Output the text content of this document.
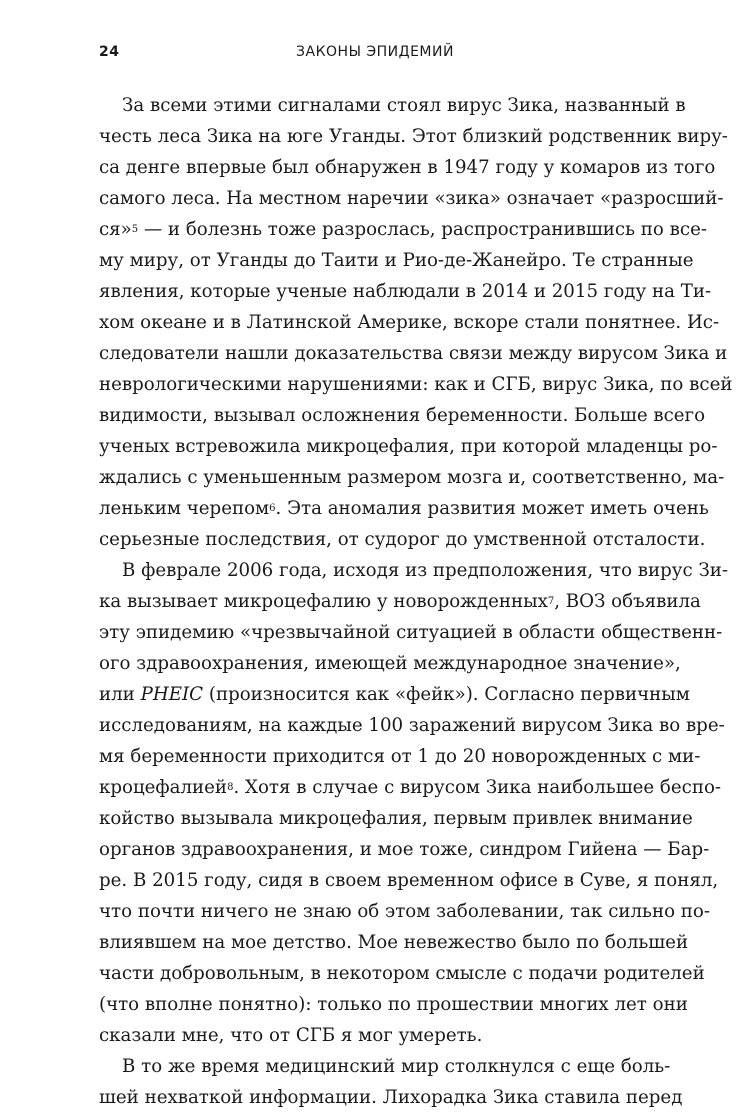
24	ЗАКОНЫ ЭПИДЕМИЙ
За всеми этими сигналами стоял вирус Зика, названный в
честь леса Зика на юге Уганды. Этот близкий родственник виру-
са денге впервые был обнаружен в 1947 году у комаров из того
самого леса. На местном наречии «зика» означает «разросший-
ся»$^5$ — и болезнь тоже разрослась, распространившись по все-
му миру, от Уганды до Таити и Рио-де-Жанейро. Те странные
явления, которые ученые наблюдали в 2014 и 2015 году на Ти-
хом океане и в Латинской Америке, вскоре стали понятнее. Ис-
следователи нашли доказательства связи между вирусом Зика и
неврологическими нарушениями: как и СГБ, вирус Зика, по всей
видимости, вызывал осложнения беременности. Больше всего
ученых встревожила микроцефалия, при которой младенцы ро-
ждались с уменьшенным размером мозга и, соответственно, ма-
леньким черепом$^6$. Эта аномалия развития может иметь очень
серьезные последствия, от судорог до умственной отсталости.
В феврале 2006 года, исходя из предположения, что вирус Зи-
ка вызывает микроцефалию у новорожденных$^7$, ВОЗ объявила
эту эпидемию «чрезвычайной ситуацией в области общественн-
ого здравоохранения, имеющей международное значение»,
или PHEIC (произносится как «фейк»). Согласно первичным
исследованиям, на каждые 100 заражений вирусом Зика во вре-
мя беременности приходится от 1 до 20 новорожденных с ми-
кроцефалией$^8$. Хотя в случае с вирусом Зика наибольшее беспо-
койство вызывала микроцефалия, первым привлек внимание
органов здравоохранения, и мое тоже, синдром Гийена — Бар-
ре. В 2015 году, сидя в своем временном офисе в Суве, я понял,
что почти ничего не знаю об этом заболевании, так сильно по-
влиявшем на мое детство. Мое невежество было по большей
части добровольным, в некотором смысле с подачи родителей
(что вполне понятно): только по прошествии многих лет они
сказали мне, что от СГБ я мог умереть.
В то же время медицинский мир столкнулся с еще боль-
шей нехваткой информации. Лихорадка Зика ставила перед
